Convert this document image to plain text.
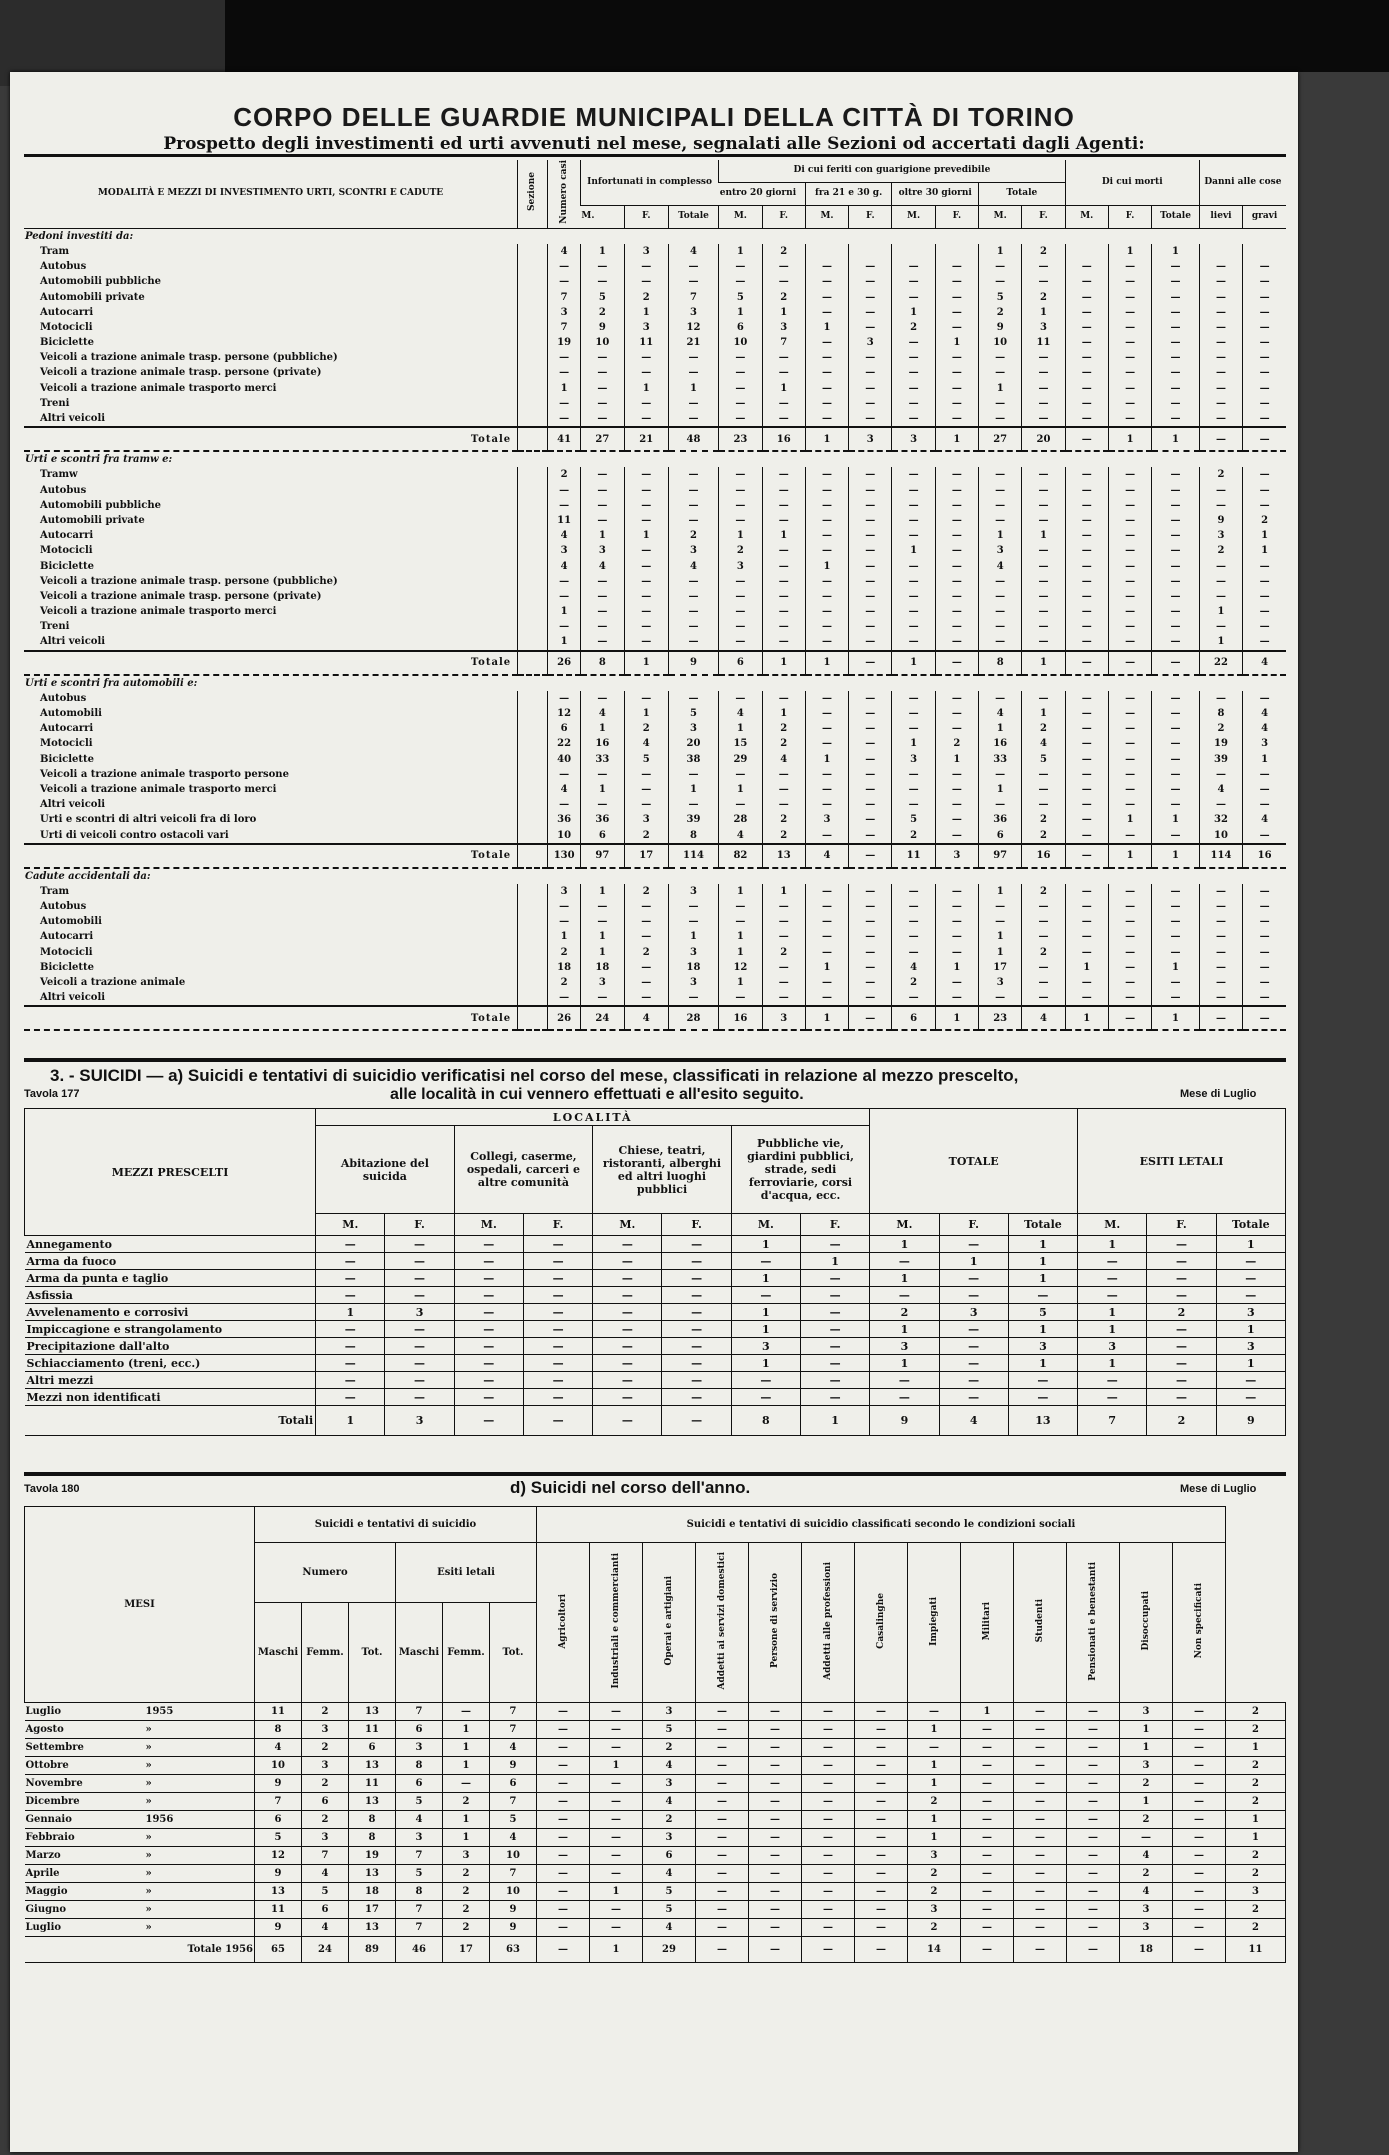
CORPO DELLE GUARDIE MUNICIPALI DELLA CITTÀ DI TORINO
Prospetto degli investimenti ed urti avvenuti nel mese, segnalati alle Sezioni od accertati dagli Agenti:
MODALITÀ E MEZZI DI INVESTIMENTO URTI, SCONTRI E CADUTE	Sezione	Numero casi	Infortunati in complesso			Di cui feriti con guarigione prevedibile								Di cui morti			Danni alle cose	
						entro 20 giorni		fra 21 e 30 g.		oltre 30 giorni		Totale						
			M.	F.	Totale	M.	F.	M.	F.	M.	F.	M.	F.	M.	F.	Totale	lievi	gravi
Pedoni investiti da:																		
Tram		4	1	3	4	1	2					1	2		1	1		
Autobus		—	—	—	—	—	—	—	—	—	—	—	—	—	—	—	—	—
Automobili pubbliche		—	—	—	—	—	—	—	—	—	—	—	—	—	—	—	—	—
Automobili private		7	5	2	7	5	2	—	—	—	—	5	2	—	—	—	—	—
Autocarri		3	2	1	3	1	1	—	—	1	—	2	1	—	—	—	—	—
Motocicli		7	9	3	12	6	3	1	—	2	—	9	3	—	—	—	—	—
Biciclette		19	10	11	21	10	7	—	3	—	1	10	11	—	—	—	—	—
Veicoli a trazione animale trasp. persone (pubbliche)		—	—	—	—	—	—	—	—	—	—	—	—	—	—	—	—	—
Veicoli a trazione animale trasp. persone (private)		—	—	—	—	—	—	—	—	—	—	—	—	—	—	—	—	—
Veicoli a trazione animale trasporto merci		1	—	1	1	—	1	—	—	—	—	1	—	—	—	—	—	—
Treni		—	—	—	—	—	—	—	—	—	—	—	—	—	—	—	—	—
Altri veicoli		—	—	—	—	—	—	—	—	—	—	—	—	—	—	—	—	—
Totale		41	27	21	48	23	16	1	3	3	1	27	20	—	1	1	—	—
Urti e scontri fra tramw e:																		
Tramw		2	—	—	—	—	—	—	—	—	—	—	—	—	—	—	2	—
Autobus		—	—	—	—	—	—	—	—	—	—	—	—	—	—	—	—	—
Automobili pubbliche		—	—	—	—	—	—	—	—	—	—	—	—	—	—	—	—	—
Automobili private		11	—	—	—	—	—	—	—	—	—	—	—	—	—	—	9	2
Autocarri		4	1	1	2	1	1	—	—	—	—	1	1	—	—	—	3	1
Motocicli		3	3	—	3	2	—	—	—	1	—	3	—	—	—	—	2	1
Biciclette		4	4	—	4	3	—	1	—	—	—	4	—	—	—	—	—	—
Veicoli a trazione animale trasp. persone (pubbliche)		—	—	—	—	—	—	—	—	—	—	—	—	—	—	—	—	—
Veicoli a trazione animale trasp. persone (private)		—	—	—	—	—	—	—	—	—	—	—	—	—	—	—	—	—
Veicoli a trazione animale trasporto merci		1	—	—	—	—	—	—	—	—	—	—	—	—	—	—	1	—
Treni		—	—	—	—	—	—	—	—	—	—	—	—	—	—	—	—	—
Altri veicoli		1	—	—	—	—	—	—	—	—	—	—	—	—	—	—	1	—
Totale		26	8	1	9	6	1	1	—	1	—	8	1	—	—	—	22	4
Urti e scontri fra automobili e:																		
Autobus		—	—	—	—	—	—	—	—	—	—	—	—	—	—	—	—	—
Automobili		12	4	1	5	4	1	—	—	—	—	4	1	—	—	—	8	4
Autocarri		6	1	2	3	1	2	—	—	—	—	1	2	—	—	—	2	4
Motocicli		22	16	4	20	15	2	—	—	1	2	16	4	—	—	—	19	3
Biciclette		40	33	5	38	29	4	1	—	3	1	33	5	—	—	—	39	1
Veicoli a trazione animale trasporto persone		—	—	—	—	—	—	—	—	—	—	—	—	—	—	—	—	—
Veicoli a trazione animale trasporto merci		4	1	—	1	1	—	—	—	—	—	1	—	—	—	—	4	—
Altri veicoli		—	—	—	—	—	—	—	—	—	—	—	—	—	—	—	—	—
Urti e scontri di altri veicoli fra di loro		36	36	3	39	28	2	3	—	5	—	36	2	—	1	1	32	4
Urti di veicoli contro ostacoli vari		10	6	2	8	4	2	—	—	2	—	6	2	—	—	—	10	—
Totale		130	97	17	114	82	13	4	—	11	3	97	16	—	1	1	114	16
Cadute accidentali da:																		
Tram		3	1	2	3	1	1	—	—	—	—	1	2	—	—	—	—	—
Autobus		—	—	—	—	—	—	—	—	—	—	—	—	—	—	—	—	—
Automobili		—	—	—	—	—	—	—	—	—	—	—	—	—	—	—	—	—
Autocarri		1	1	—	1	1	—	—	—	—	—	1	—	—	—	—	—	—
Motocicli		2	1	2	3	1	2	—	—	—	—	1	2	—	—	—	—	—
Biciclette		18	18	—	18	12	—	1	—	4	1	17	—	1	—	1	—	—
Veicoli a trazione animale		2	3	—	3	1	—	—	—	2	—	3	—	—	—	—	—	—
Altri veicoli		—	—	—	—	—	—	—	—	—	—	—	—	—	—	—	—	—
Totale		26	24	4	28	16	3	1	—	6	1	23	4	1	—	1	—	—
3. - SUICIDI — a) Suicidi e tentativi di suicidio verificatisi nel corso del mese, classificati in relazione al mezzo prescelto,
Tavola 177	alle località in cui vennero effettuati e all'esito seguito.	Mese di Luglio
MEZZI PRESCELTI	LOCALITÀ								TOTALE			ESITI LETALI		
	Abitazione del suicida		Collegi, caserme, ospedali, carceri e altre comunità		Chiese, teatri, ristoranti, alberghi ed altri luoghi pubblici		Pubbliche vie, giardini pubblici, strade, sedi ferroviarie, corsi d'acqua, ecc.							
	M.	F.	M.	F.	M.	F.	M.	F.	M.	F.	Totale	M.	F.	Totale
Annegamento	—	—	—	—	—	—	1	—	1	—	1	1	—	1
Arma da fuoco	—	—	—	—	—	—	—	1	—	1	1	—	—	—
Arma da punta e taglio	—	—	—	—	—	—	1	—	1	—	1	—	—	—
Asfissia	—	—	—	—	—	—	—	—	—	—	—	—	—	—
Avvelenamento e corrosivi	1	3	—	—	—	—	1	—	2	3	5	1	2	3
Impiccagione e strangolamento	—	—	—	—	—	—	1	—	1	—	1	1	—	1
Precipitazione dall'alto	—	—	—	—	—	—	3	—	3	—	3	3	—	3
Schiacciamento (treni, ecc.)	—	—	—	—	—	—	1	—	1	—	1	1	—	1
Altri mezzi	—	—	—	—	—	—	—	—	—	—	—	—	—	—
Mezzi non identificati	—	—	—	—	—	—	—	—	—	—	—	—	—	—
Totali	1	3	—	—	—	—	8	1	9	4	13	7	2	9
Tavola 180	d) Suicidi nel corso dell'anno.	Mese di Luglio
MESI	Suicidi e tentativi di suicidio						Suicidi e tentativi di suicidio classificati secondo le condizioni sociali													
	Numero			Esiti letali			Agricoltori	Industriali e commercianti	Operai e artigiani	Addetti ai servizi domestici	Persone di servizio	Addetti alle professioni	Casalinghe	Impiegati	Militari	Studenti	Pensionati e benestanti	Disoccupati	Non specificati	
	Maschi	Femm.	Tot.	Maschi	Femm.	Tot.														
Luglio 1955	11	2	13	7	—	7	—	—	3	—	—	—	—	—	1	—	—	3	—	2
Agosto »	8	3	11	6	1	7	—	—	5	—	—	—	—	1	—	—	—	1	—	2
Settembre »	4	2	6	3	1	4	—	—	2	—	—	—	—	—	—	—	—	1	—	1
Ottobre »	10	3	13	8	1	9	—	1	4	—	—	—	—	1	—	—	—	3	—	2
Novembre »	9	2	11	6	—	6	—	—	3	—	—	—	—	1	—	—	—	2	—	2
Dicembre »	7	6	13	5	2	7	—	—	4	—	—	—	—	2	—	—	—	1	—	2
Gennaio 1956	6	2	8	4	1	5	—	—	2	—	—	—	—	1	—	—	—	2	—	1
Febbraio »	5	3	8	3	1	4	—	—	3	—	—	—	—	1	—	—	—	—	—	1
Marzo »	12	7	19	7	3	10	—	—	6	—	—	—	—	3	—	—	—	4	—	2
Aprile »	9	4	13	5	2	7	—	—	4	—	—	—	—	2	—	—	—	2	—	2
Maggio »	13	5	18	8	2	10	—	1	5	—	—	—	—	2	—	—	—	4	—	3
Giugno »	11	6	17	7	2	9	—	—	5	—	—	—	—	3	—	—	—	3	—	2
Luglio »	9	4	13	7	2	9	—	—	4	—	—	—	—	2	—	—	—	3	—	2
Totale 1956	65	24	89	46	17	63	—	1	29	—	—	—	—	14	—	—	—	18	—	11
